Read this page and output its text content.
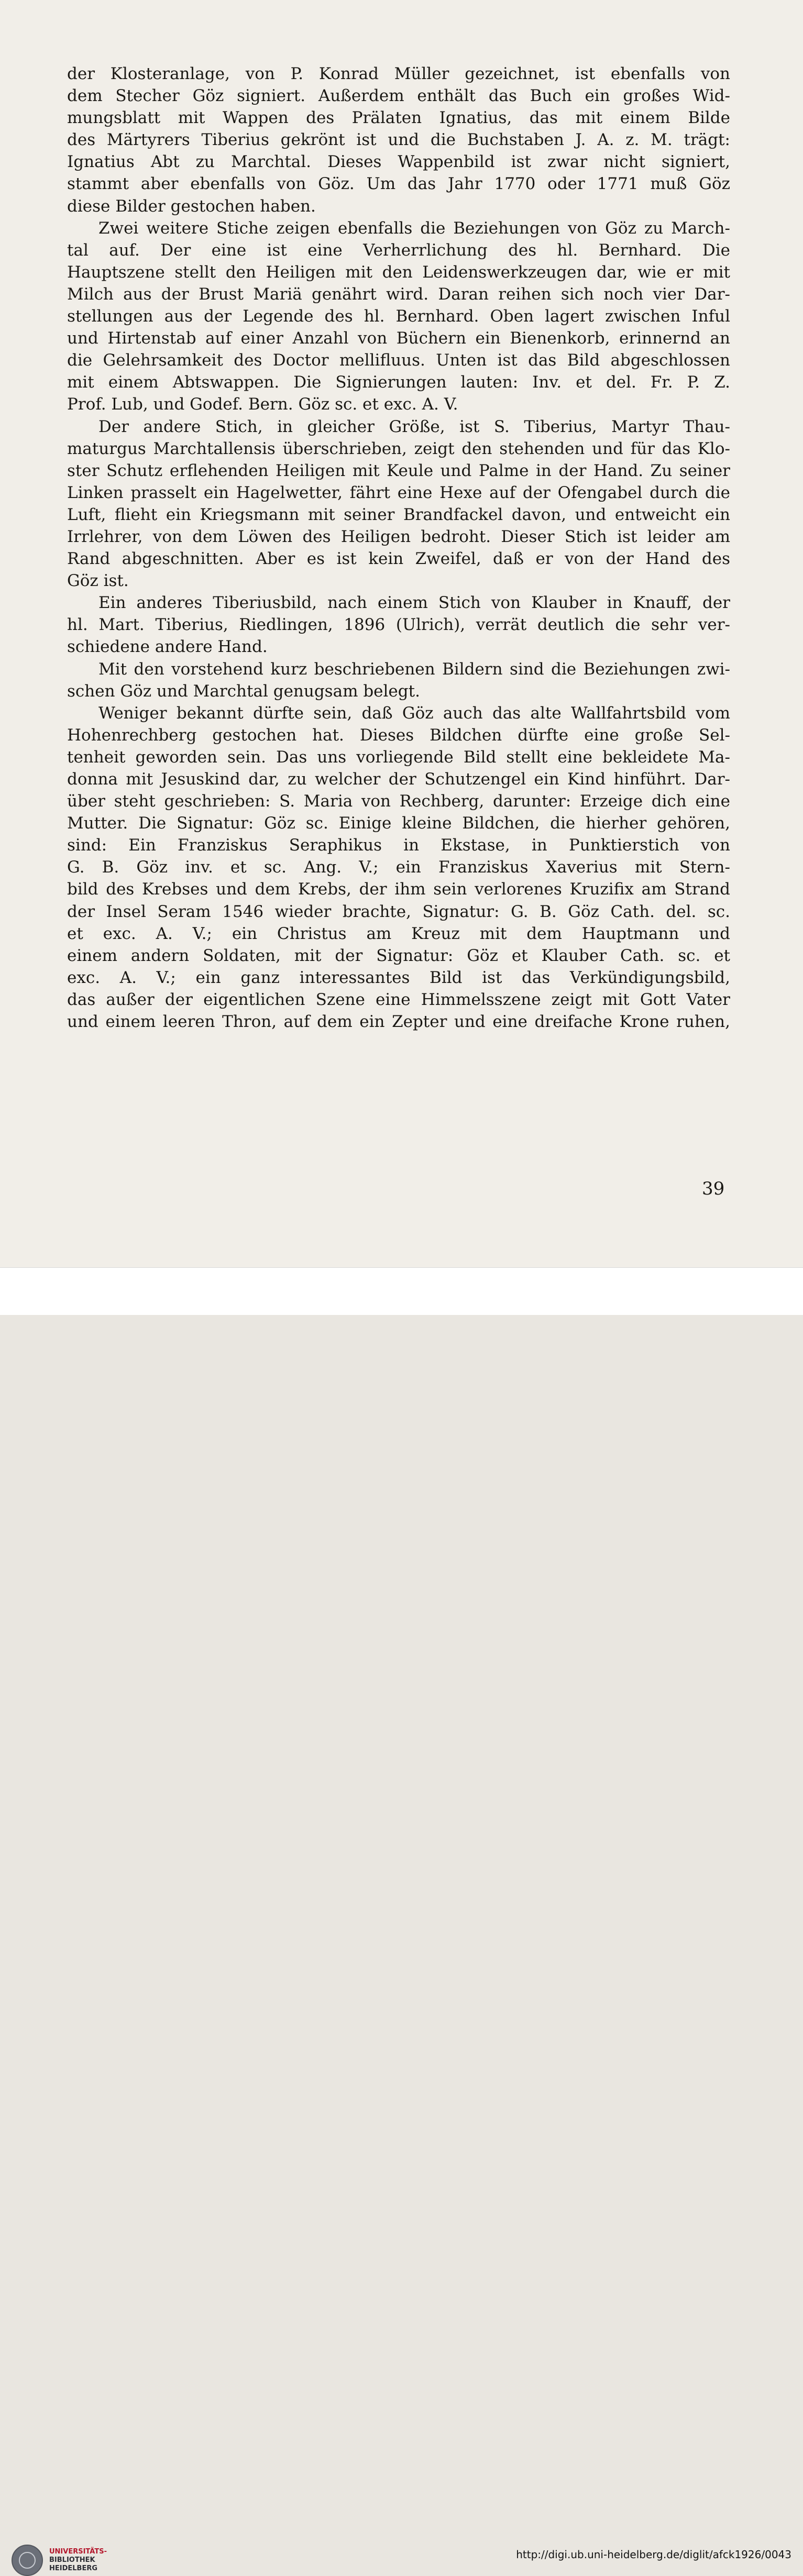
der Klosteranlage, von P. Konrad Müller gezeichnet, ist ebenfalls von
dem Stecher Göz signiert. Außerdem enthält das Buch ein großes Wid-
mungsblatt mit Wappen des Prälaten Ignatius, das mit einem Bilde
des Märtyrers Tiberius gekrönt ist und die Buchstaben J. A. z. M. trägt:
Ignatius Abt zu Marchtal. Dieses Wappenbild ist zwar nicht signiert,
stammt aber ebenfalls von Göz. Um das Jahr 1770 oder 1771 muß Göz
diese Bilder gestochen haben.
Zwei weitere Stiche zeigen ebenfalls die Beziehungen von Göz zu March-
tal auf. Der eine ist eine Verherrlichung des hl. Bernhard. Die
Hauptszene stellt den Heiligen mit den Leidenswerkzeugen dar, wie er mit
Milch aus der Brust Mariä genährt wird. Daran reihen sich noch vier Dar-
stellungen aus der Legende des hl. Bernhard. Oben lagert zwischen Inful
und Hirtenstab auf einer Anzahl von Büchern ein Bienenkorb, erinnernd an
die Gelehrsamkeit des Doctor mellifluus. Unten ist das Bild abgeschlossen
mit einem Abtswappen. Die Signierungen lauten: Inv. et del. Fr. P. Z.
Prof. Lub, und Godef. Bern. Göz sc. et exc. A. V.
Der andere Stich, in gleicher Größe, ist S. Tiberius, Martyr Thau-
maturgus Marchtallensis überschrieben, zeigt den stehenden und für das Klo-
ster Schutz erflehenden Heiligen mit Keule und Palme in der Hand. Zu seiner
Linken prasselt ein Hagelwetter, fährt eine Hexe auf der Ofengabel durch die
Luft, flieht ein Kriegsmann mit seiner Brandfackel davon, und entweicht ein
Irrlehrer, von dem Löwen des Heiligen bedroht. Dieser Stich ist leider am
Rand abgeschnitten. Aber es ist kein Zweifel, daß er von der Hand des
Göz ist.
Ein anderes Tiberiusbild, nach einem Stich von Klauber in Knauff, der
hl. Mart. Tiberius, Riedlingen, 1896 (Ulrich), verrät deutlich die sehr ver-
schiedene andere Hand.
Mit den vorstehend kurz beschriebenen Bildern sind die Beziehungen zwi-
schen Göz und Marchtal genugsam belegt.
Weniger bekannt dürfte sein, daß Göz auch das alte Wallfahrtsbild vom
Hohenrechberg gestochen hat. Dieses Bildchen dürfte eine große Sel-
tenheit geworden sein. Das uns vorliegende Bild stellt eine bekleidete Ma-
donna mit Jesuskind dar, zu welcher der Schutzengel ein Kind hinführt. Dar-
über steht geschrieben: S. Maria von Rechberg, darunter: Erzeige dich eine
Mutter. Die Signatur: Göz sc. Einige kleine Bildchen, die hierher gehören,
sind: Ein Franziskus Seraphikus in Ekstase, in Punktierstich von
G. B. Göz inv. et sc. Ang. V.; ein Franziskus Xaverius mit Stern-
bild des Krebses und dem Krebs, der ihm sein verlorenes Kruzifix am Strand
der Insel Seram 1546 wieder brachte, Signatur: G. B. Göz Cath. del. sc.
et exc. A. V.; ein Christus am Kreuz mit dem Hauptmann und
einem andern Soldaten, mit der Signatur: Göz et Klauber Cath. sc. et
exc. A. V.; ein ganz interessantes Bild ist das Verkündigungsbild,
das außer der eigentlichen Szene eine Himmelsszene zeigt mit Gott Vater
und einem leeren Thron, auf dem ein Zepter und eine dreifache Krone ruhen,
39
UNIVERSITÄTS-
BIBLIOTHEK
HEIDELBERG
http://digi.ub.uni-heidelberg.de/diglit/afck1926/0043
